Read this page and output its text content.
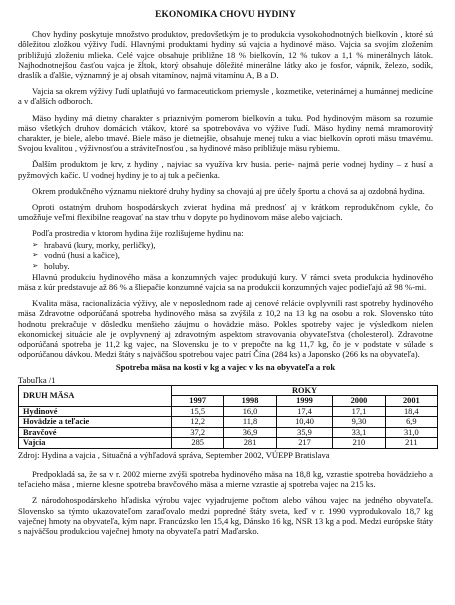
EKONOMIKA CHOVU HYDINY

Chov hydiny poskytuje množstvo produktov, predovšetkým je to produkcia vysokohodnotných bielkovín , ktoré sú dôležitou zložkou výživy ľudí. Hlavnými produktami hydiny sú vajcia a hydinové mäso. Vajcia sa svojím zložením približujú zloženiu mlieka. Celé vajce obsahuje približne 18 % bielkovín, 12 % tukov a 1,1 % minerálnych látok. Najhodnotnejšou časťou vajca je žĺtok, ktorý obsahuje dôležité minerálne látky ako je fosfor, vápnik, železo, sodík, draslík a ďalšie, významný je aj obsah vitamínov, najmä vitamínu A, B a D.

Vajcia sa okrem výživy ľudí uplatňujú vo farmaceutickom priemysle , kozmetike, veterinárnej a humánnej medicíne a v ďalších odboroch.

Mäso hydiny má dietny charakter s priaznivým pomerom bielkovín a tuku. Pod hydinovým mäsom sa rozumie mäso všetkých druhov domácich vtákov, ktoré sa spotrebováva vo výžive ľudí. Mäso hydiny nemá mramorovitý charakter, je biele, alebo tmavé. Biele mäso je dietnejšie, obsahuje menej tuku a viac bielkovín oproti mäsu tmavému. Svojou kvalitou , výživnosťou a stráviteľnosťou , sa hydinové mäso približuje mäsu rybiemu.

Ďalším produktom je krv, z hydiny , najviac sa využíva krv husia. perie- najmä perie vodnej hydiny – z husí a pyžmových kačíc. U vodnej hydiny je to aj tuk a pečienka.

Okrem produkčného významu niektoré druhy hydiny sa chovajú aj pre účely športu a chová sa aj ozdobná hydina.

Oproti ostatným druhom hospodárskych zvierat hydina má prednosť aj v krátkom reprodukčnom cykle, čo umožňuje veľmi flexibilne reagovať na stav trhu v dopyte po hydinovom mäse alebo vajciach.

Podľa prostredia v ktorom hydina žije rozlišujeme hydinu na:

➢ hrabavú (kury, morky, perličky),
➢ vodnú (husi a kačice),
➢ holuby.

Hlavnú produkciu hydinového mäsa a konzumných vajec produkujú kury. V rámci sveta produkcia hydinového mäsa z kúr predstavuje až 86 % a šliepačie konzumné vajcia sa na produkcii konzumných vajec podieľajú až 98 %-mi.

Kvalita mäsa, racionalizácia výživy, ale v neposlednom rade aj cenové relácie ovplyvnili rast spotreby hydinového mäsa Zdravotne odporúčaná spotreba hydinového mäsa sa zvýšila z 10,2 na 13 kg na osobu a rok. Slovensko túto hodnotu prekračuje v dôsledku menšieho záujmu o hovädzie mäso. Pokles spotreby vajec je výsledkom nielen ekonomickej situácie ale je ovplyvnený aj zdravotným aspektom stravovania obyvateľstva (cholesterol). Zdravotne odporúčaná spotreba je 11,2 kg vajec, na Slovensku je to v prepočte na kg 11,7 kg, čo je v podstate v súlade s odporúčanou dávkou. Medzi štáty s najväčšou spotrebou vajec patrí Čína (284 ks) a Japonsko (266 ks na obyvateľa).

Spotreba mäsa na kosti v kg a vajec v ks na obyvateľa a rok
Tabuľka /1
DRUH MÄSA	ROKY				
	1997	1998	1999	2000	2001
Hydinové	15,5	16,0	17,4	17,1	18,4
Hovädzie a teľacie	12,2	11,8	10,40	9,30	6,9
Bravčové	37,2	36,9	35,9	33,1	31,0
Vajcia	285	281	217	210	211
Zdroj: Hydina a vajcia , Situačná a výhľadová správa, September 2002, VÚEPP Bratislava

Predpokladá sa, že sa v r. 2002 mierne zvýši spotreba hydinového mäsa na 18,8 kg, vzrastie spotreba hovädzieho a teľacieho mäsa , mierne klesne spotreba bravčového mäsa a mierne vzrastie aj spotreba vajec na 215 ks.

Z národohospodárskeho hľadiska výrobu vajec vyjadrujeme počtom alebo váhou vajec na jedného obyvateľa. Slovensko sa týmto ukazovateľom zaraďovalo medzi popredné štáty sveta, keď v r. 1990 vyprodukovalo 18,7 kg vaječnej hmoty na obyvateľa, kým napr. Francúzsko len 15,4 kg, Dánsko 16 kg, NSR 13 kg a pod. Medzi európske štáty s najväčšou produkciou vaječnej hmoty na obyvateľa patrí Maďarsko.
